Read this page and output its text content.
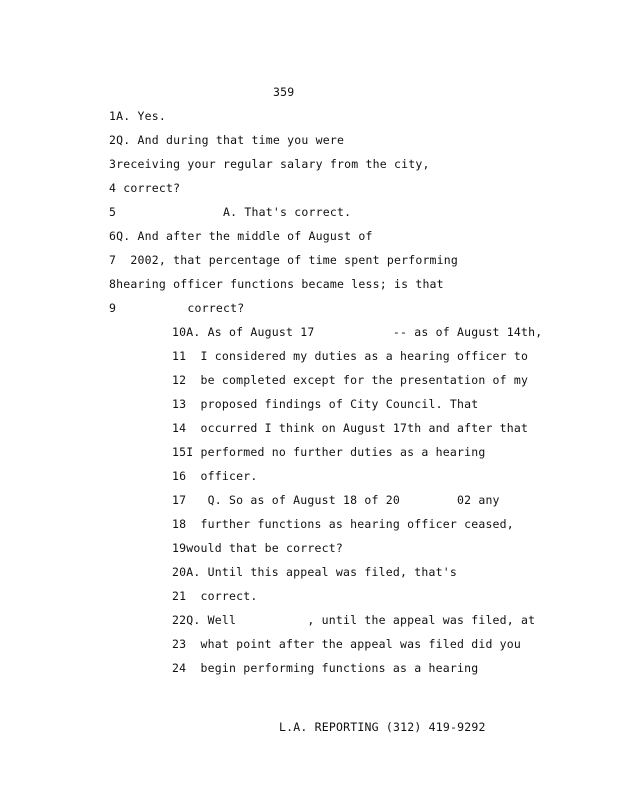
359
1A. Yes.
2Q. And during that time you were
3receiving your regular salary from the city,
4 correct?
5               A. That's correct.
6Q. And after the middle of August of
7  2002, that percentage of time spent performing
8hearing officer functions became less; is that
9          correct?
10A. As of August 17           -- as of August 14th,
11  I considered my duties as a hearing officer to
12  be completed except for the presentation of my
13  proposed findings of City Council. That
14  occurred I think on August 17th and after that
15I performed no further duties as a hearing
16  officer.
17   Q. So as of August 18 of 20        02 any
18  further functions as hearing officer ceased,
19would that be correct?
20A. Until this appeal was filed, that's
21  correct.
22Q. Well          , until the appeal was filed, at
23  what point after the appeal was filed did you
24  begin performing functions as a hearing
L.A. REPORTING (312) 419-9292
